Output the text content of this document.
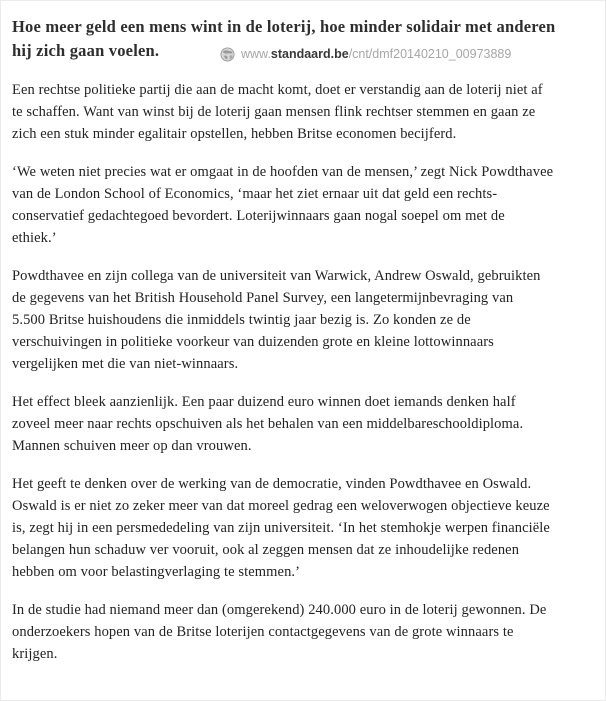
Hoe meer geld een mens wint in de loterij, hoe minder solidair met anderen
hij zich gaan voelen.

Een rechtse politieke partij die aan de macht komt, doet er verstandig aan de loterij niet af
te schaffen. Want van winst bij de loterij gaan mensen flink rechtser stemmen en gaan ze
zich een stuk minder egalitair opstellen, hebben Britse economen becijferd.

‘We weten niet precies wat er omgaat in de hoofden van de mensen,’ zegt Nick Powdthavee
van de London School of Economics, ‘maar het ziet ernaar uit dat geld een rechts-
conservatief gedachtegoed bevordert. Loterijwinnaars gaan nogal soepel om met de
ethiek.’

Powdthavee en zijn collega van de universiteit van Warwick, Andrew Oswald, gebruikten
de gegevens van het British Household Panel Survey, een langetermijnbevraging van
5.500 Britse huishoudens die inmiddels twintig jaar bezig is. Zo konden ze de
verschuivingen in politieke voorkeur van duizenden grote en kleine lottowinnaars
vergelijken met die van niet-winnaars.

Het effect bleek aanzienlijk. Een paar duizend euro winnen doet iemands denken half
zoveel meer naar rechts opschuiven als het behalen van een middelbareschooldiploma.
Mannen schuiven meer op dan vrouwen.

Het geeft te denken over de werking van de democratie, vinden Powdthavee en Oswald.
Oswald is er niet zo zeker meer van dat moreel gedrag een weloverwogen objectieve keuze
is, zegt hij in een persmededeling van zijn universiteit. ‘In het stemhokje werpen financiële
belangen hun schaduw ver vooruit, ook al zeggen mensen dat ze inhoudelijke redenen
hebben om voor belastingverlaging te stemmen.’

In de studie had niemand meer dan (omgerekend) 240.000 euro in de loterij gewonnen. De
onderzoekers hopen van de Britse loterijen contactgegevens van de grote winnaars te
krijgen.

www. standaard.be /cnt/dmf20140210_00973889
